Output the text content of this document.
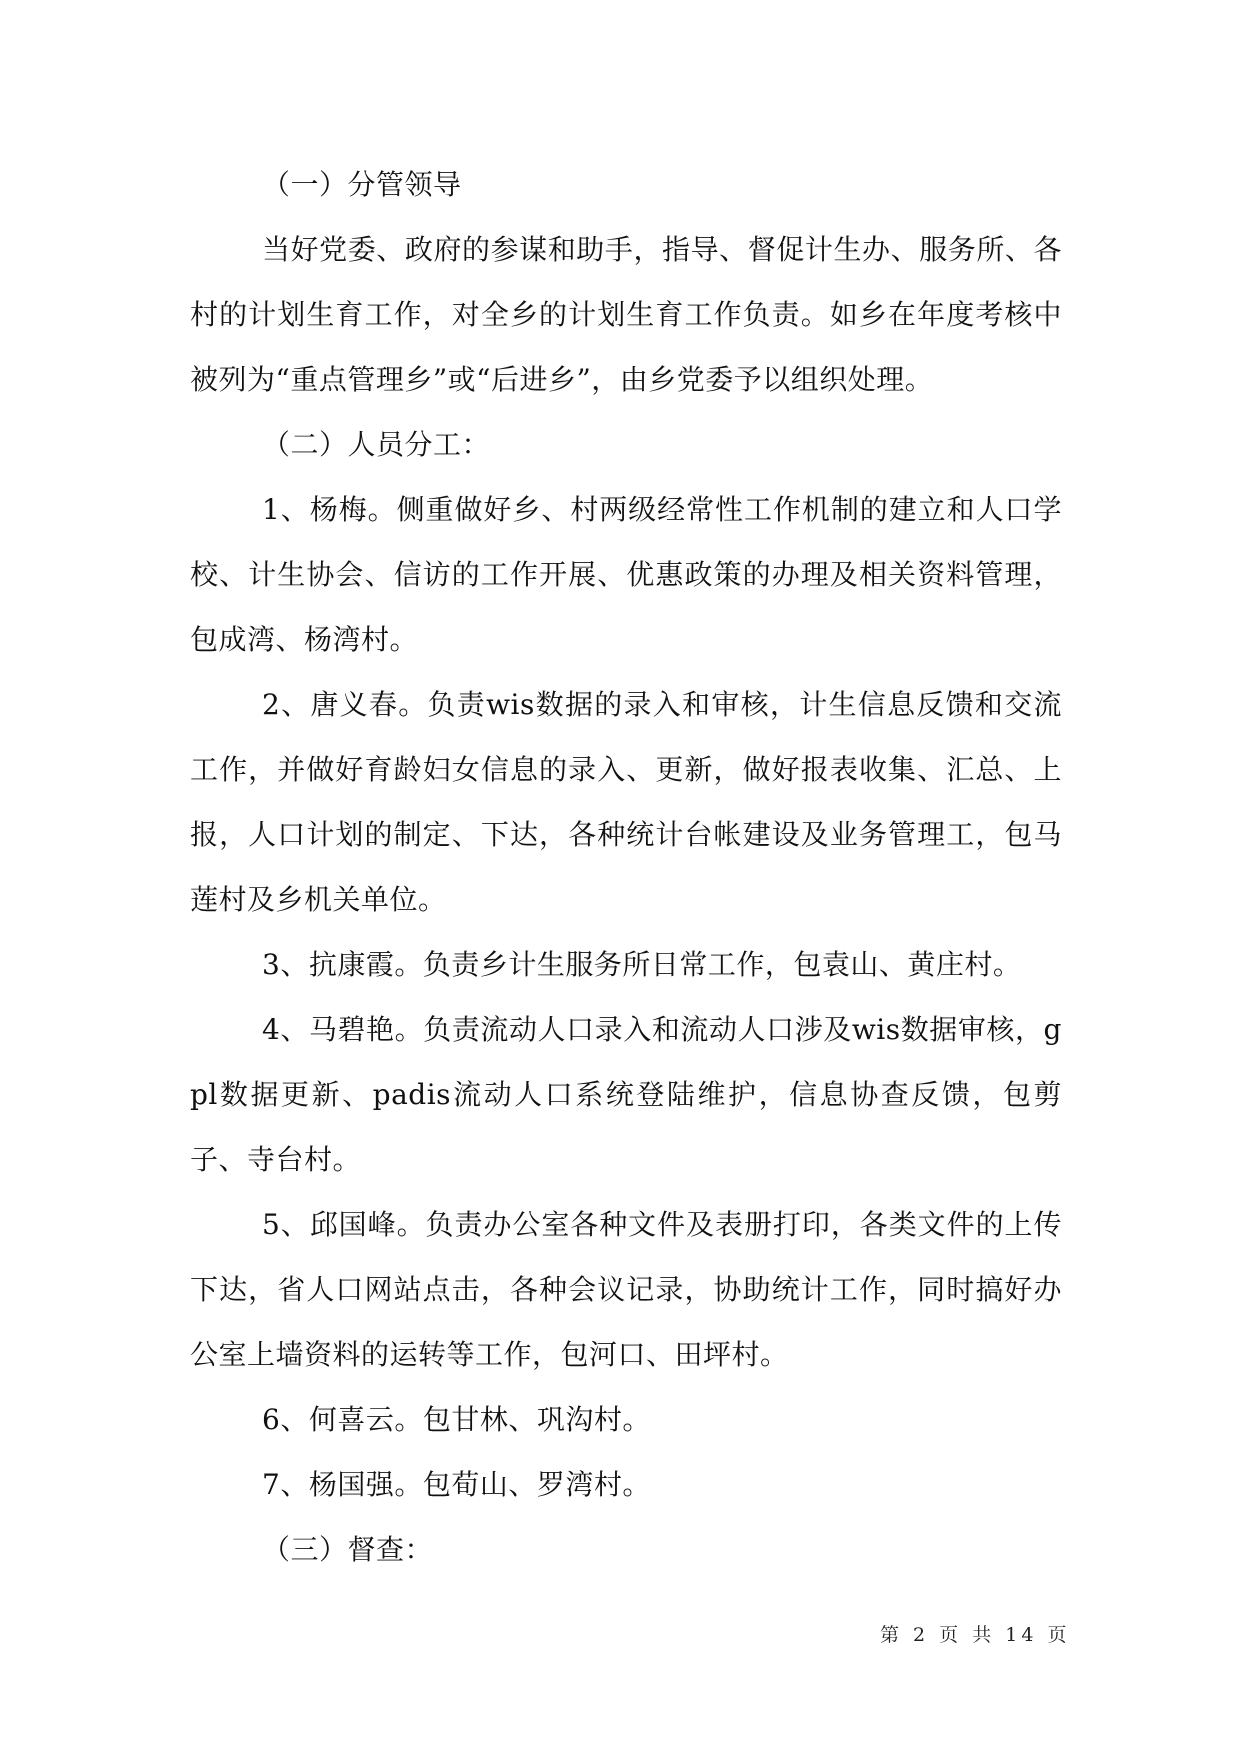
（一）分管领导

当好党委、政府的参谋和助手，指导、督促计生办、服务所、各村的计划生育工作，对全乡的计划生育工作负责。如乡在年度考核中被列为“重点管理乡”或“后进乡”，由乡党委予以组织处理。

（二）人员分工：

1、杨梅。侧重做好乡、村两级经常性工作机制的建立和人口学校、计生协会、信访的工作开展、优惠政策的办理及相关资料管理，包成湾、杨湾村。

2、唐义春。负责wis数据的录入和审核，计生信息反馈和交流工作，并做好育龄妇女信息的录入、更新，做好报表收集、汇总、上报，人口计划的制定、下达，各种统计台帐建设及业务管理工，包马莲村及乡机关单位。

3、抗康霞。负责乡计生服务所日常工作，包袁山、黄庄村。

4、马碧艳。负责流动人口录入和流动人口涉及wis数据审核，gpl数据更新、padis流动人口系统登陆维护，信息协查反馈，包剪子、寺台村。

5、邱国峰。负责办公室各种文件及表册打印，各类文件的上传下达，省人口网站点击，各种会议记录，协助统计工作，同时搞好办公室上墙资料的运转等工作，包河口、田坪村。

6、何喜云。包甘林、巩沟村。

7、杨国强。包荀山、罗湾村。

（三）督查：

第 2 页 共 14 页
